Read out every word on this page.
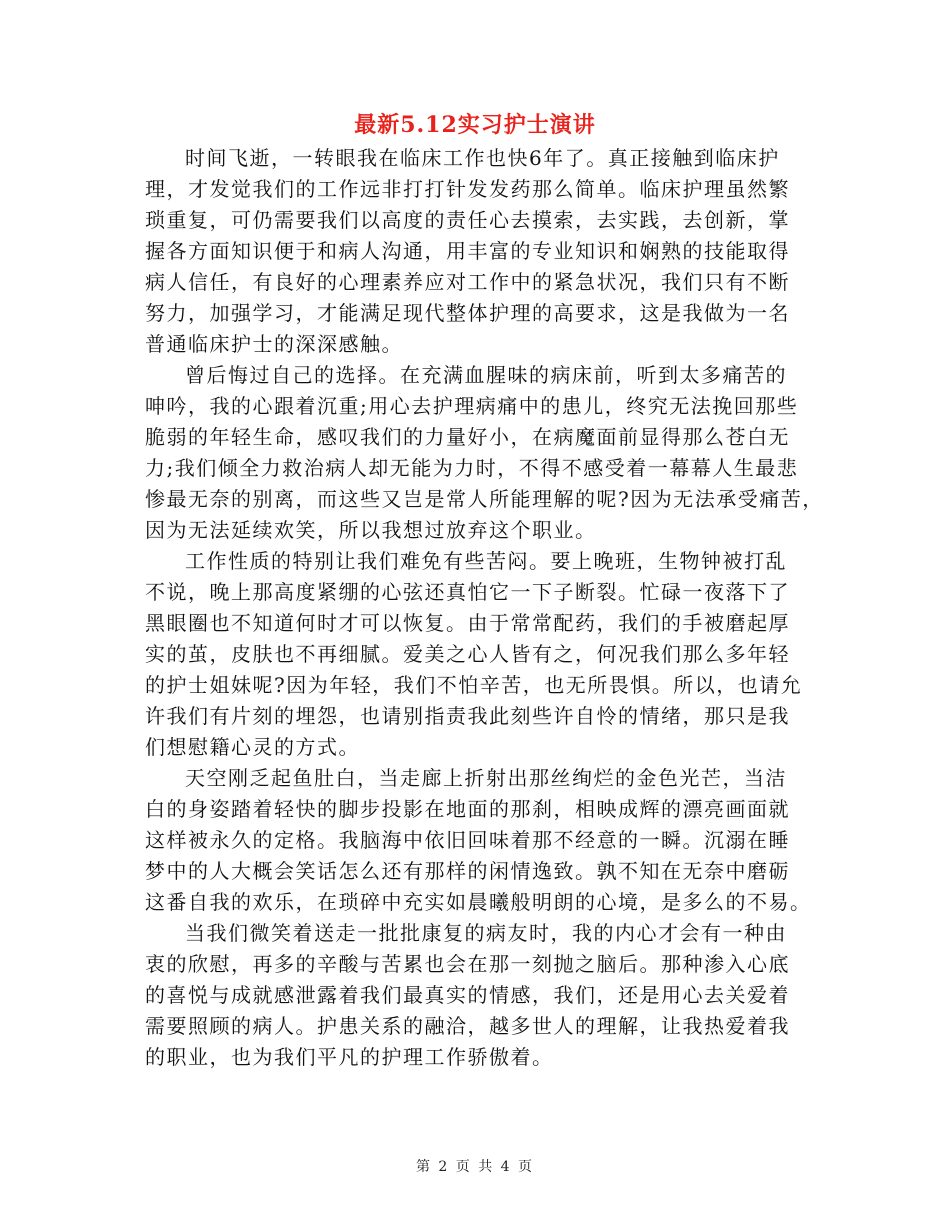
最新5.12实习护士演讲
时间飞逝，一转眼我在临床工作也快6年了。真正接触到临床护
理，才发觉我们的工作远非打打针发发药那么简单。临床护理虽然繁
琐重复，可仍需要我们以高度的责任心去摸索，去实践，去创新，掌
握各方面知识便于和病人沟通，用丰富的专业知识和娴熟的技能取得
病人信任，有良好的心理素养应对工作中的紧急状况，我们只有不断
努力，加强学习，才能满足现代整体护理的高要求，这是我做为一名
普通临床护士的深深感触。
曾后悔过自己的选择。在充满血腥味的病床前，听到太多痛苦的
呻吟，我的心跟着沉重;用心去护理病痛中的患儿，终究无法挽回那些
脆弱的年轻生命，感叹我们的力量好小，在病魔面前显得那么苍白无
力;我们倾全力救治病人却无能为力时，不得不感受着一幕幕人生最悲
惨最无奈的别离，而这些又岂是常人所能理解的呢?因为无法承受痛苦，
因为无法延续欢笑，所以我想过放弃这个职业。
工作性质的特别让我们难免有些苦闷。要上晚班，生物钟被打乱
不说，晚上那高度紧绷的心弦还真怕它一下子断裂。忙碌一夜落下了
黑眼圈也不知道何时才可以恢复。由于常常配药，我们的手被磨起厚
实的茧，皮肤也不再细腻。爱美之心人皆有之，何况我们那么多年轻
的护士姐妹呢?因为年轻，我们不怕辛苦，也无所畏惧。所以，也请允
许我们有片刻的埋怨，也请别指责我此刻些许自怜的情绪，那只是我
们想慰籍心灵的方式。
天空刚乏起鱼肚白，当走廊上折射出那丝绚烂的金色光芒，当洁
白的身姿踏着轻快的脚步投影在地面的那刹，相映成辉的漂亮画面就
这样被永久的定格。我脑海中依旧回味着那不经意的一瞬。沉溺在睡
梦中的人大概会笑话怎么还有那样的闲情逸致。孰不知在无奈中磨砺
这番自我的欢乐，在琐碎中充实如晨曦般明朗的心境，是多么的不易。
当我们微笑着送走一批批康复的病友时，我的内心才会有一种由
衷的欣慰，再多的辛酸与苦累也会在那一刻抛之脑后。那种渗入心底
的喜悦与成就感泄露着我们最真实的情感，我们，还是用心去关爱着
需要照顾的病人。护患关系的融洽，越多世人的理解，让我热爱着我
的职业，也为我们平凡的护理工作骄傲着。
第 2 页 共 4 页
